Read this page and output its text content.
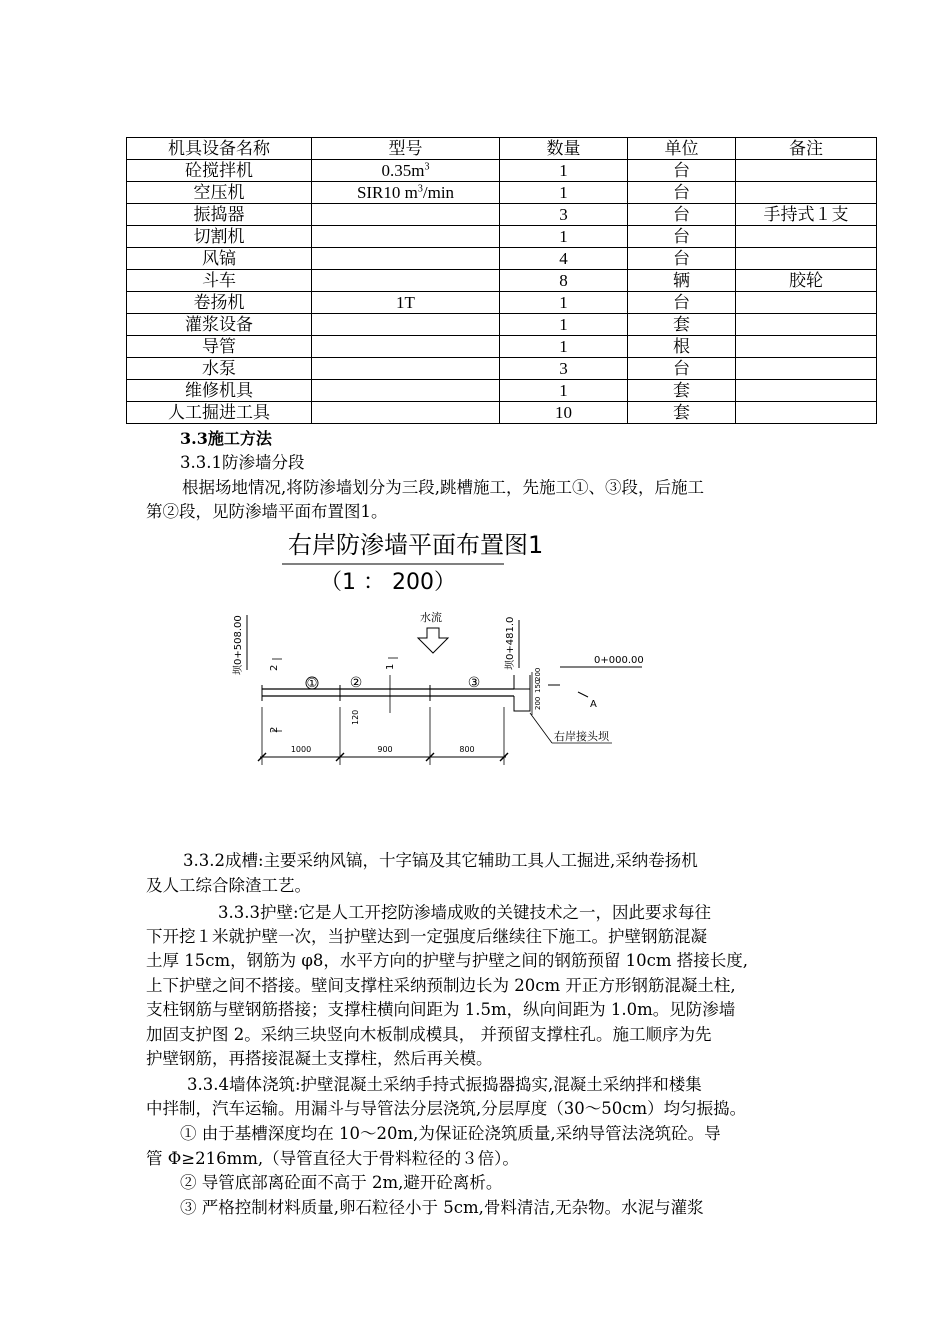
机具设备名称	型号	数量	单位	备注
砼搅拌机	$0.35m^3$	1	台	
空压机	SIR10 $m^3/\min$	1	台	
振捣器		3	台	手持式１支
切割机		1	台	
风镐		4	台	
斗车		8	辆	胶轮
卷扬机	1T	1	台	
灌浆设备		1	套	
导管		1	根	
水泵		3	台	
维修机具		1	套	
人工掘进工具		10	套	
3.3施工方法
3.3.1防渗墙分段
根据场地情况,将防渗墙划分为三段,跳槽施工，先施工①、③段，后施工
第②段，见防渗墙平面布置图1。
右岸防渗墙平面布置图1
（1 ： 200）
水流
坝0+508.00	坝0+481.0	0+000.00
A
200
150
200
① ②	③
2
2
1
120
右岸接头坝
1000	900	800
3.3.2成槽:主要采纳风镐，十字镐及其它辅助工具人工掘进,采纳卷扬机
及人工综合除渣工艺。
3.3.3护壁:它是人工开挖防渗墙成败的关键技术之一，因此要求每往
下开挖１米就护壁一次，当护壁达到一定强度后继续往下施工。护壁钢筋混凝
土厚 15cm，钢筋为 φ8，水平方向的护壁与护壁之间的钢筋预留 10cm 搭接长度,
上下护壁之间不搭接。壁间支撑柱采纳预制边长为 20cm 开正方形钢筋混凝土柱,
支柱钢筋与壁钢筋搭接；支撑柱横向间距为 1.5m，纵向间距为 1.0m。见防渗墙
加固支护图 2。采纳三块竖向木板制成模具， 并预留支撑柱孔。施工顺序为先
护壁钢筋，再搭接混凝土支撑柱，然后再关模。
3.3.4墙体浇筑:护壁混凝土采纳手持式振捣器捣实,混凝土采纳拌和楼集
中拌制，汽车运输。用漏斗与导管法分层浇筑,分层厚度（30～50cm）均匀振捣。
① 由于基槽深度均在 10～20m,为保证砼浇筑质量,采纳导管法浇筑砼。导
管 Φ≥216mm,（导管直径大于骨料粒径的３倍）。
② 导管底部离砼面不高于 2m,避开砼离析。
③ 严格控制材料质量,卵石粒径小于 5cm,骨料清洁,无杂物。水泥与灌浆
